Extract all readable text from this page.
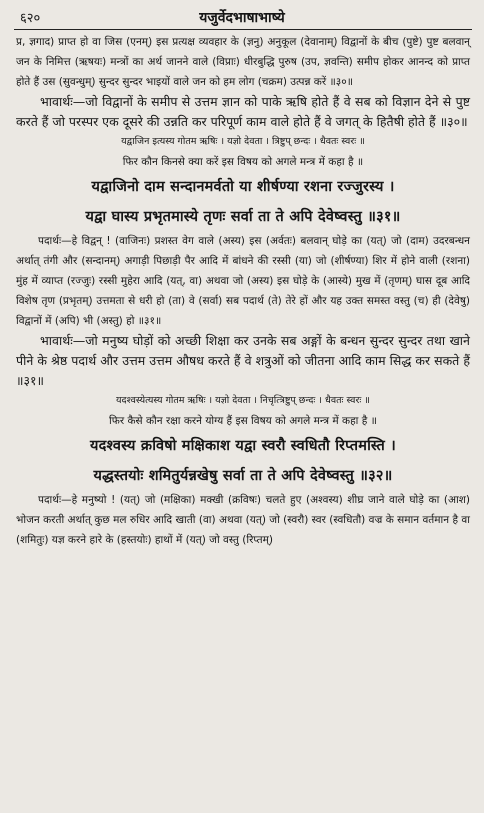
६२०	यजुर्वेदभाषाभाष्ये

प्र, ज्ञगाद) प्राप्त हो वा जिस (एनम्) इस प्रत्यक्ष व्यवहार के (ज्ञनु) अनुकूल (देवानाम्) विद्वानों के बीच (पुष्टे) पुष्ट बलवान् जन के निमित्त (ऋषयः) मन्त्रों का अर्थ जानने वाले (विप्राः) धीरबुद्धि पुरुष (उप, ज्ञवन्ति) समीप होकर आनन्द को प्राप्त होते हैं उस (सुवन्धुम्) सुन्दर सुन्दर भाइयों वाले जन को हम लोग (चक्रम) उत्पन्न करें ॥३०॥

भावार्थः—जो विद्वानों के समीप से उत्तम ज्ञान को पाके ऋषि होते हैं वे सब को विज्ञान देने से पुष्ट करते हैं जो परस्पर एक दूसरे की उन्नति कर परिपूर्ण काम वाले होते हैं वे जगत् के हितैषी होते हैं ॥३०॥

यद्वाजिन इत्यस्य गोतम ऋषिः । यज्ञो देवता । त्रिष्टुप् छन्दः । धैवतः स्वरः ॥

फिर कौन किनसे क्या करें इस विषय को अगले मन्त्र में कहा है ॥

यद्वाजिनो दाम सन्दानमर्वतो या शीर्षण्या रशना रज्जुरस्य ।

यद्वा घास्य प्रभृतमास्ये तृणः सर्वा ता ते अपि देवेष्वस्तु ॥३१॥

पदार्थः—हे विद्वन् ! (वाजिनः) प्रशस्त वेग वाले (अस्य) इस (अर्वतः) बलवान् घोड़े का (यत्) जो (दाम) उदरबन्धन अर्थात् तंगी और (सन्दानम्) अगाड़ी पिछाड़ी पैर आदि में बांधने की रस्सी (या) जो (शीर्षण्या) शिर में होने वाली (रशना) मुंह में व्याप्त (रज्जुः) रस्सी मुहेरा आदि (यत्, वा) अथवा जो (अस्य) इस घोड़े के (आस्ये) मुख में (तृणम्) घास दूब आदि विशेष तृण (प्रभृतम्) उत्तमता से धरी हो (ता) वे (सर्वा) सब पदार्थ (ते) तेरे हों और यह उक्त समस्त वस्तु (च) ही (देवेषु) विद्वानों में (अपि) भी (अस्तु) हो ॥३१॥

भावार्थः—जो मनुष्य घोड़ों को अच्छी शिक्षा कर उनके सब अङ्गों के बन्धन सुन्दर सुन्दर तथा खाने पीने के श्रेष्ठ पदार्थ और उत्तम उत्तम औषध करते हैं वे शत्रुओं को जीतना आदि काम सिद्ध कर सकते हैं ॥३१॥

यदश्वस्येत्यस्य गोतम ऋषिः । यज्ञो देवता । निचृत्त्रिष्टुप् छन्दः । धैवतः स्वरः ॥

फिर कैसे कौन रक्षा करने योग्य हैं इस विषय को अगले मन्त्र में कहा है ॥

यदश्वस्य क्रविषो मक्षिकाश यद्वा स्वरौ स्वधितौ रिप्तमस्ति ।

यद्धस्तयोः शमितुर्यन्नखेषु सर्वा ता ते अपि देवेष्वस्तु ॥३२॥

पदार्थः—हे मनुष्यो ! (यत्) जो (मक्षिका) मक्खी (क्रविषः) चलते हुए (अश्वस्य) शीघ्र जाने वाले घोड़े का (आश) भोजन करती अर्थात् कुछ मल रुधिर आदि खाती (वा) अथवा (यत्) जो (स्वरौ) स्वर (स्वधितौ) वज्र के समान वर्तमान है वा (शमितुः) यज्ञ करने हारे के (हस्तयोः) हाथों में (यत्) जो वस्तु (रिप्तम्)
